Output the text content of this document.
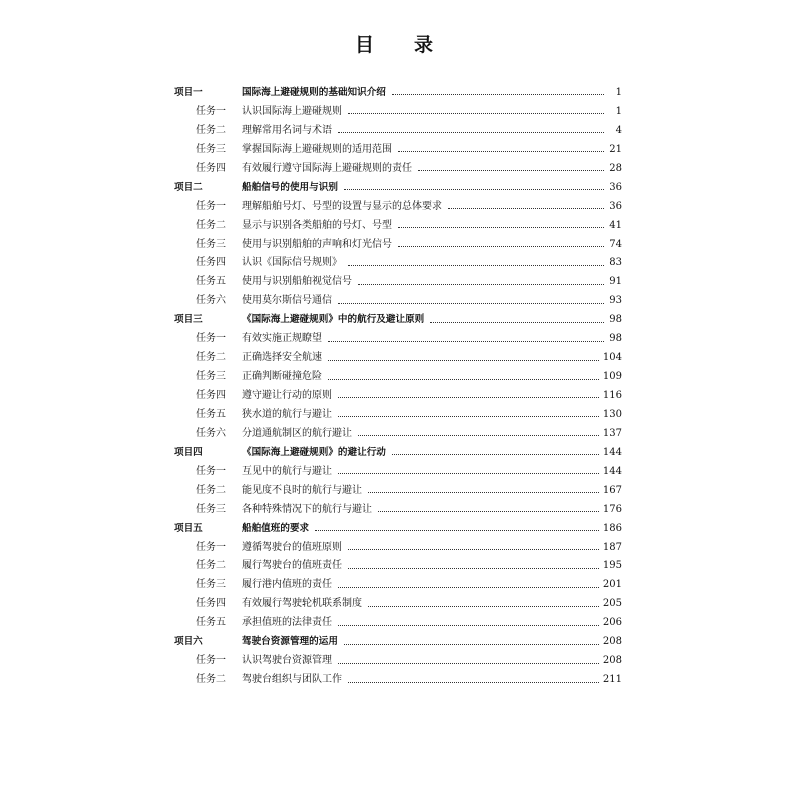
目 录
项目一	国际海上避碰规则的基础知识介绍	1
任务一	认识国际海上避碰规则	1
任务二	理解常用名词与术语	4
任务三	掌握国际海上避碰规则的适用范围	21
任务四	有效履行遵守国际海上避碰规则的责任	28
项目二	船舶信号的使用与识别	36
任务一	理解船舶号灯、号型的设置与显示的总体要求	36
任务二	显示与识别各类船舶的号灯、号型	41
任务三	使用与识别船舶的声响和灯光信号	74
任务四	认识《国际信号规则》	83
任务五	使用与识别船舶视觉信号	91
任务六	使用莫尔斯信号通信	93
项目三	《国际海上避碰规则》中的航行及避让原则	98
任务一	有效实施正规瞭望	98
任务二	正确选择安全航速	104
任务三	正确判断碰撞危险	109
任务四	遵守避让行动的原则	116
任务五	狭水道的航行与避让	130
任务六	分道通航制区的航行避让	137
项目四	《国际海上避碰规则》的避让行动	144
任务一	互见中的航行与避让	144
任务二	能见度不良时的航行与避让	167
任务三	各种特殊情况下的航行与避让	176
项目五	船舶值班的要求	186
任务一	遵循驾驶台的值班原则	187
任务二	履行驾驶台的值班责任	195
任务三	履行港内值班的责任	201
任务四	有效履行驾驶轮机联系制度	205
任务五	承担值班的法律责任	206
项目六	驾驶台资源管理的运用	208
任务一	认识驾驶台资源管理	208
任务二	驾驶台组织与团队工作	211
